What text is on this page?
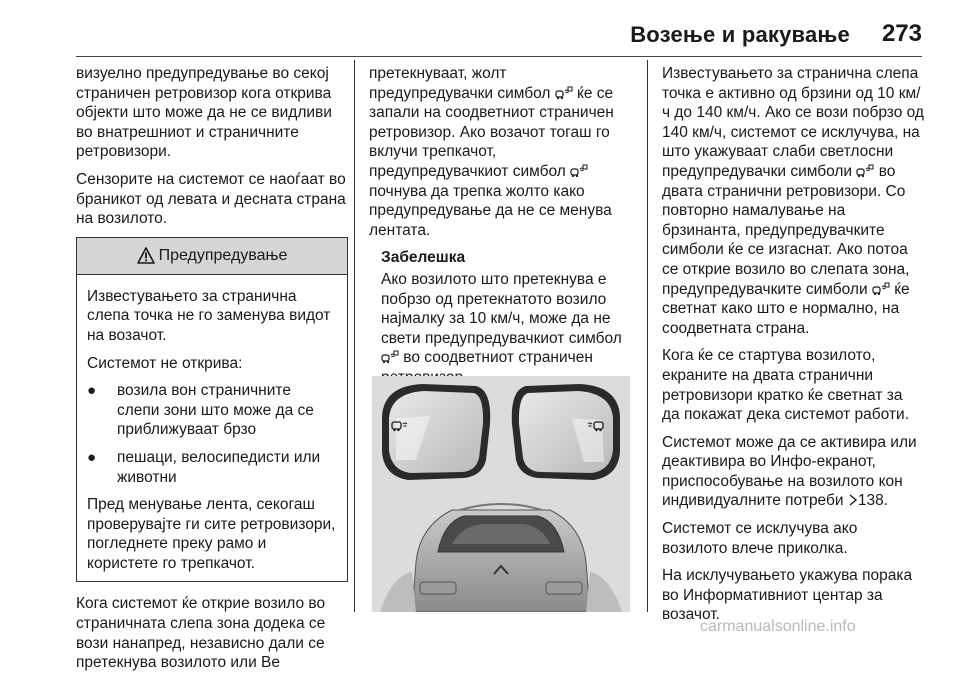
Возење и ракување 273

визуелно предупредување во секој страничен ретровизор кога открива објекти што може да не се видливи во внатрешниот и страничните ретровизори.

Сензорите на системот се наоѓаат во браникот од левата и десната страна на возилото.

Предупредување

Известувањето за странична слепа точка не го заменува видот на возачот.

Системот не открива:

●	возила вон страничните слепи зони што може да се приближуваат брзо
●	пешаци, велосипедисти или животни

Пред менување лента, секогаш проверувајте ги сите ретровизори, погледнете преку рамо и користете го трепкачот.

Кога системот ќе открие возило во страничната слепа зона додека се вози нанапред, независно дали се претекнува возилото или Ве

претекнуваат, жолт предупредувачки симбол  ќе се запали на соодветниот страничен ретровизор. Ако возачот тогаш го вклучи трепкачот, предупредувачкиот симбол  почнува да трепка жолто како предупредување да не се менува лентата.

Забелешка
Ако возилото што претекнува е побрзо од претекнатото возило најмалку за 10 км/ч, може да не свети предупредувачкиот симбол  во соодветниот страничен

Известувањето за странична слепа точка е активно од брзини од 10 км/ч до 140 км/ч. Ако се вози побрзо од 140 км/ч, системот се исклучува, на што укажуваат слаби светлосни предупредувачки симболи  во двата странични ретровизори. Со повторно намалување на брзинанта, предупредувачките симболи ќе се изгаснат. Ако потоа се открие возило во слепата зона, предупредувачките симболи  ќе светнат како што е нормално, на соодветната страна.

Кога ќе се стартува возилото, екраните на двата странични ретровизори кратко ќе светнат за да покажат дека системот работи.

Системот може да се активира или деактивира во Инфо-екранот, приспособување на возилото кон индивидуалните потреби 138.

Системот се исклучува ако возилото влече приколка.

На исклучувањето укажува порака во Информативниот центар за возачот.

carmanualsonline.info
